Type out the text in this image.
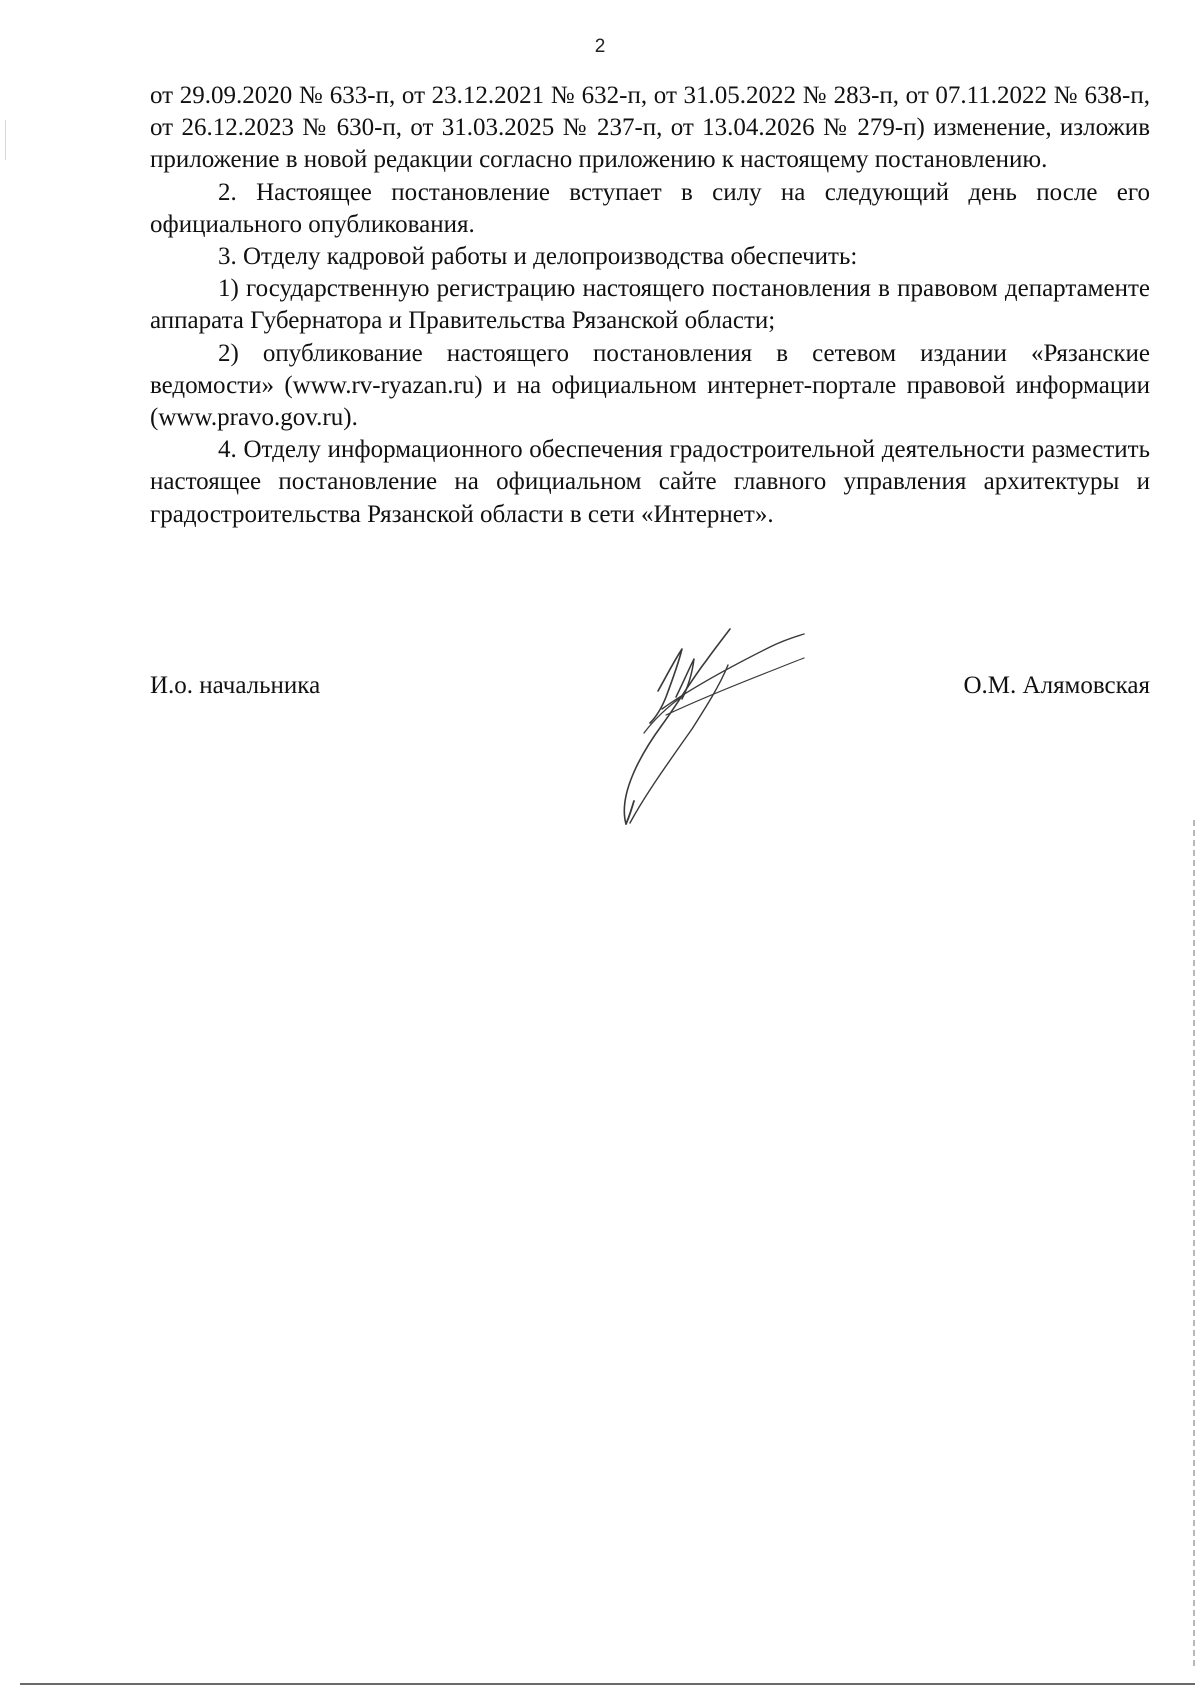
2

от 29.09.2020 № 633-п, от 23.12.2021 № 632-п, от 31.05.2022 № 283-п, от 07.11.2022 № 638-п, от 26.12.2023 № 630-п, от 31.03.2025 № 237-п, от 13.04.2026 № 279-п) изменение, изложив приложение в новой редакции согласно приложению к настоящему постановлению.

2. Настоящее постановление вступает в силу на следующий день после его официального опубликования.

3. Отделу кадровой работы и делопроизводства обеспечить:

1) государственную регистрацию настоящего постановления в правовом департаменте аппарата Губернатора и Правительства Рязанской области;

2) опубликование настоящего постановления в сетевом издании «Рязанские ведомости» (www.rv-ryazan.ru) и на официальном интернет-портале правовой информации (www.pravo.gov.ru).

4. Отделу информационного обеспечения градостроительной деятельности разместить настоящее постановление на официальном сайте главного управления архитектуры и градостроительства Рязанской области в сети «Интернет».

И.о. начальника	О.М. Алямовская
